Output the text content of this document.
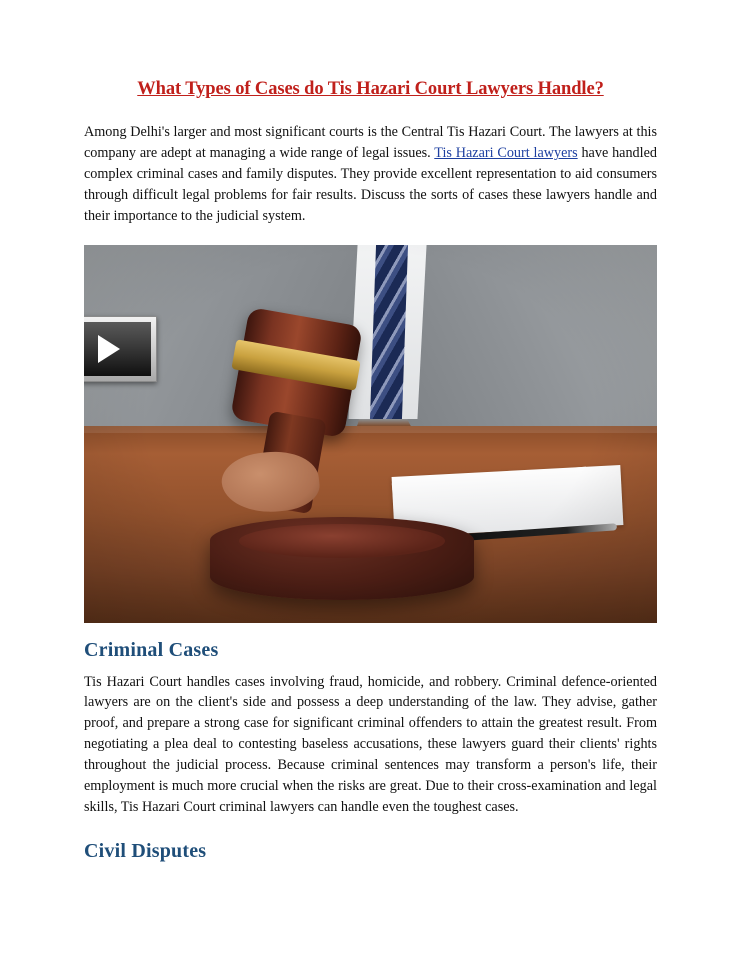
What Types of Cases do Tis Hazari Court Lawyers Handle?

Among Delhi's larger and most significant courts is the Central Tis Hazari Court. The lawyers at this company are adept at managing a wide range of legal issues. Tis Hazari Court lawyers have handled complex criminal cases and family disputes. They provide excellent representation to aid consumers through difficult legal problems for fair results. Discuss the sorts of cases these lawyers handle and their importance to the judicial system.

Criminal Cases

Tis Hazari Court handles cases involving fraud, homicide, and robbery. Criminal defence-oriented lawyers are on the client's side and possess a deep understanding of the law. They advise, gather proof, and prepare a strong case for significant criminal offenders to attain the greatest result. From negotiating a plea deal to contesting baseless accusations, these lawyers guard their clients' rights throughout the judicial process. Because criminal sentences may transform a person's life, their employment is much more crucial when the risks are great. Due to their cross-examination and legal skills, Tis Hazari Court criminal lawyers can handle even the toughest cases.

Civil Disputes
